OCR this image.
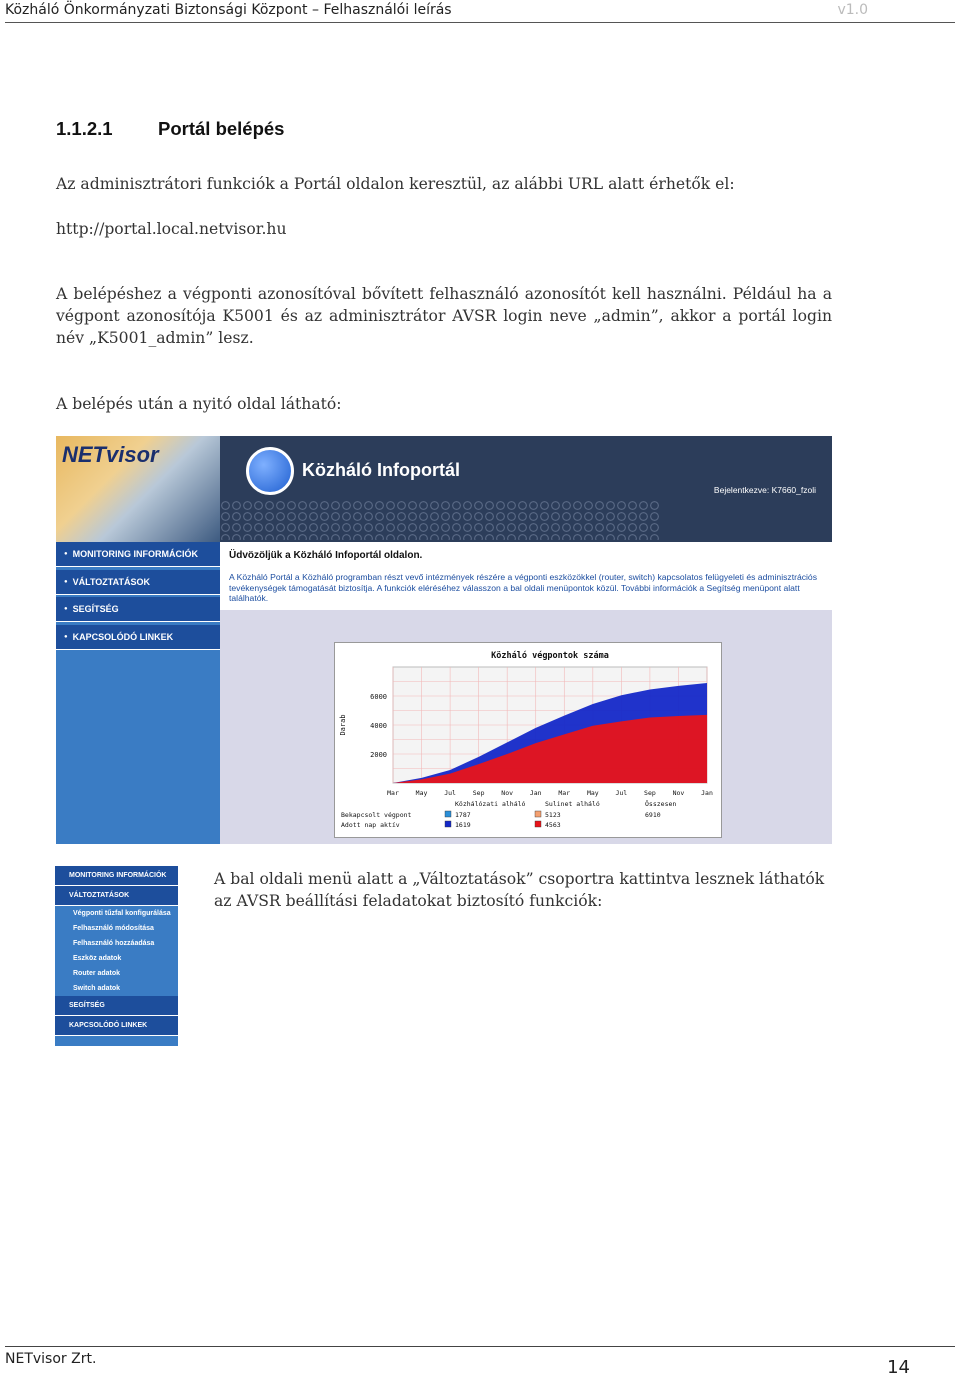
Közháló Önkormányzati Biztonsági Központ – Felhasználói leírás	v1.0
1.1.2.1 Portál belépés

Az adminisztrátori funkciók a Portál oldalon keresztül, az alábbi URL alatt érhetők el:

http://portal.local.netvisor.hu

A belépéshez a végponti azonosítóval bővített felhasználó azonosítót kell használni. Például ha a végpont azonosítója K5001 és az adminisztrátor AVSR login neve „admin”, akkor a portál login név „K5001_admin” lesz.

A belépés után a nyitó oldal látható:

NETvisor
Közháló Infoportál
Bejelentkezve: K7660_fzoli
● MONITORING INFORMÁCIÓK
● VÁLTOZTATÁSOK
● SEGÍTSÉG
● KAPCSOLÓDÓ LINKEK
Üdvözöljük a Közháló Infoportál oldalon.
A Közháló Portál a Közháló programban részt vevő intézmények részére a végponti eszközökkel (router, switch) kapcsolatos felügyeleti és adminisztrációs tevékenységek támogatását biztosítja. A funkciók eléréséhez válasszon a bal oldali menüpontok közül. További információk a Segítség menüpont alatt találhatók.
Közháló végpontok száma
Darab
2000
4000
6000
Mar	May	Jul	Sep	Nov	Jan	Mar	May	Jul	Sep	Nov	Jan
Közhálózati alháló	Sulinet alháló	Összesen
Bekapcsolt végpont	1787	5123	6910
Adott nap aktív	1619	4563
MONITORING INFORMÁCIÓK
VÁLTOZTATÁSOK
Végponti tűzfal konfigurálása
Felhasználó módosítása
Felhasználó hozzáadása
Eszköz adatok
Router adatok
Switch adatok
SEGÍTSÉG
KAPCSOLÓDÓ LINKEK

A bal oldali menü alatt a „Változtatások” csoportra kattintva lesznek láthatók az AVSR beállítási feladatokat biztosító funkciók:

NETvisor Zrt.	14
